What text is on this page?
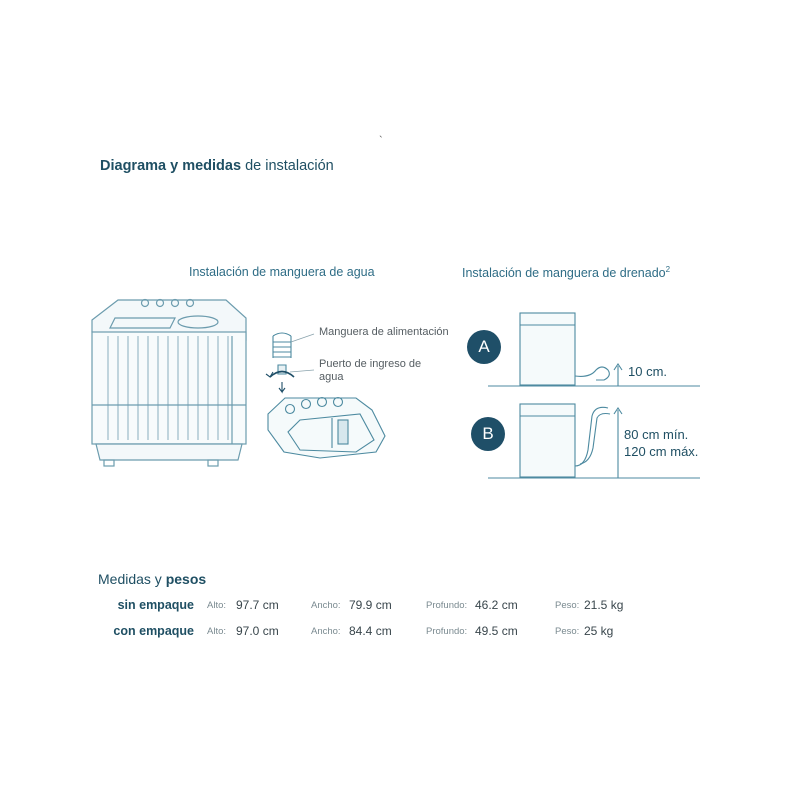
`
Diagrama y medidas de instalación
Instalación de manguera de agua	Instalación de manguera de drenado$^2$
Manguera de alimentación
Puerto de ingreso de
agua
A
B
10 cm.
80 cm mín.
120 cm máx.
Medidas y pesos
sin empaque Alto: 97.7 cm	Ancho: 79.9 cm	Profundo: 46.2 cm	Peso: 21.5 kg
con empaque Alto: 97.0 cm	Ancho: 84.4 cm	Profundo: 49.5 cm	Peso: 25 kg
